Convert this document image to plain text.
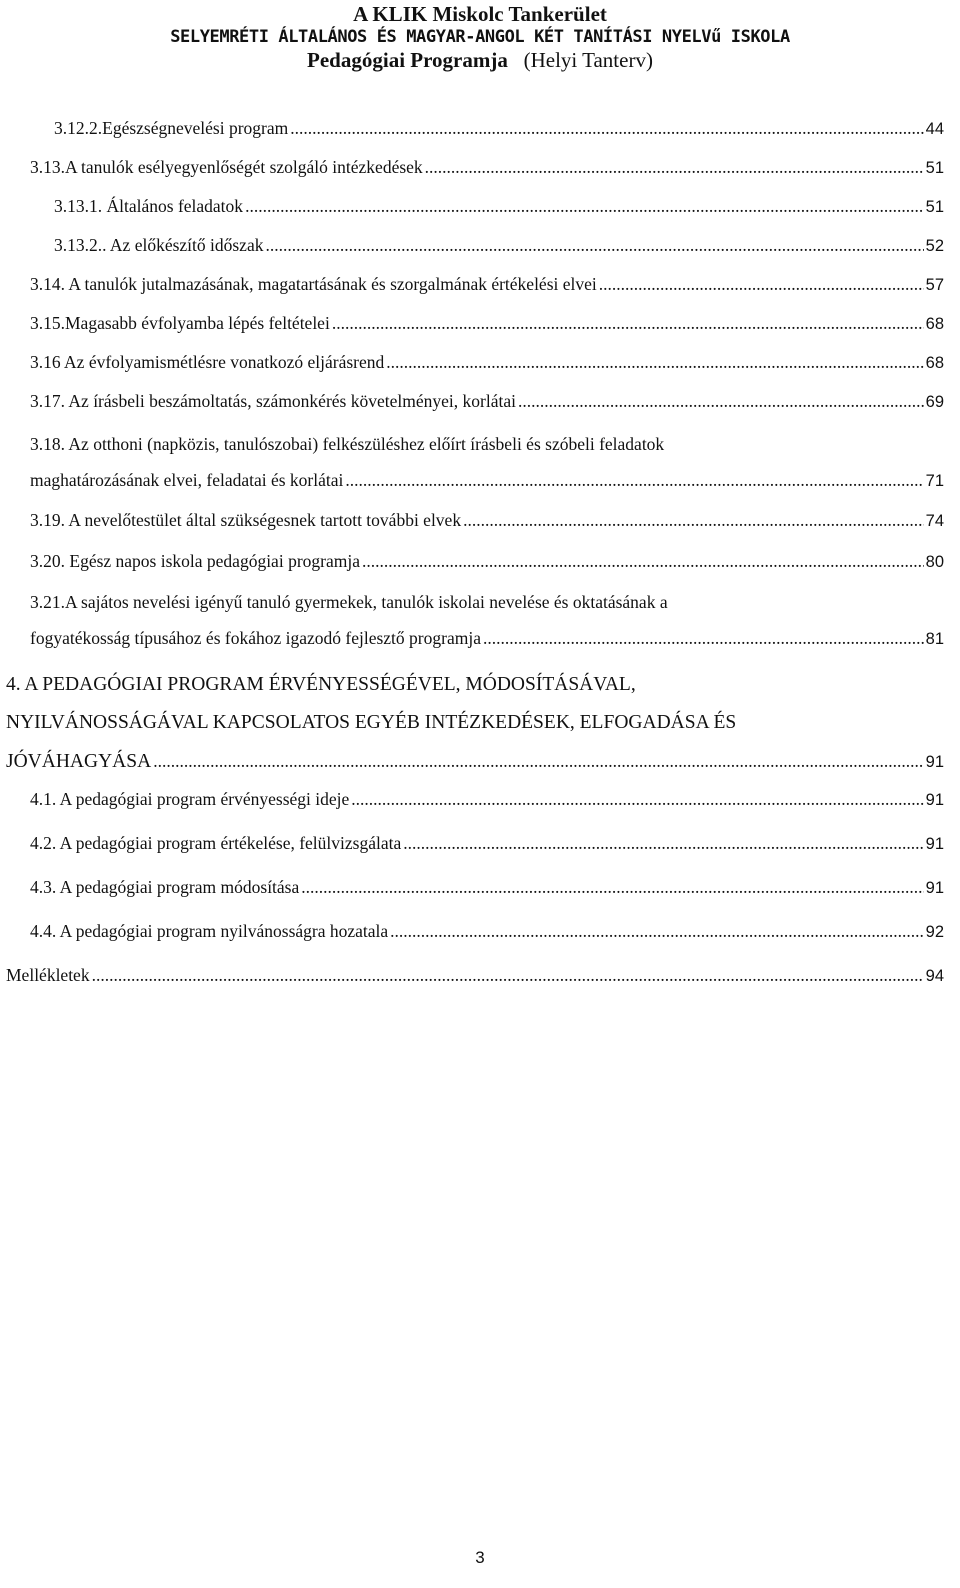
A KLIK Miskolc Tankerület
SELYEMRÉTI ÁLTALÁNOS ÉS MAGYAR-ANGOL KÉT TANÍTÁSI NYELVű ISKOLA
Pedagógiai Programja (Helyi Tanterv)
3.12.2.Egészségnevelési program .....	44
3.13.A tanulók esélyegyenlőségét szolgáló intézkedések .....	51
3.13.1. Általános feladatok .....	51
3.13.2.. Az előkészítő időszak .....	52
3.14. A tanulók jutalmazásának, magatartásának és szorgalmának értékelési elvei .....	57
3.15.Magasabb évfolyamba lépés feltételei .....	68
3.16 Az évfolyamismétlésre vonatkozó eljárásrend .....	68
3.17. Az írásbeli beszámoltatás, számonkérés követelményei, korlátai .....	69
3.18. Az otthoni (napközis, tanulószobai) felkészüléshez előírt írásbeli és szóbeli feladatok
maghatározásának elvei, feladatai és korlátai .....	71
3.19. A nevelőtestület által szükségesnek tartott további elvek .....	74
3.20. Egész napos iskola pedagógiai programja .....	80
3.21.A sajátos nevelési igényű tanuló gyermekek, tanulók iskolai nevelése és oktatásának a
fogyatékosság típusához és fokához igazodó fejlesztő programja .....	81
4. A PEDAGÓGIAI PROGRAM ÉRVÉNYESSÉGÉVEL, MÓDOSÍTÁSÁVAL,
NYILVÁNOSSÁGÁVAL KAPCSOLATOS EGYÉB INTÉZKEDÉSEK, ELFOGADÁSA ÉS
JÓVÁHAGYÁSA .....	91
4.1. A pedagógiai program érvényességi ideje .....	91
4.2. A pedagógiai program értékelése, felülvizsgálata .....	91
4.3. A pedagógiai program módosítása .....	91
4.4. A pedagógiai program nyilvánosságra hozatala .....	92
Mellékletek .....	94
3
